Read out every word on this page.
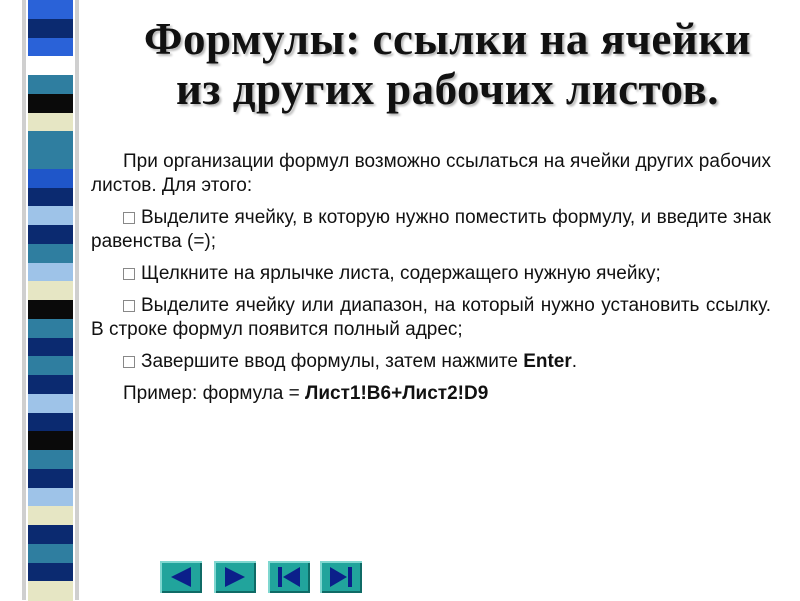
Формулы: ссылки на ячейки
из других рабочих листов.

При организации формул возможно ссылаться на ячейки других рабочих листов. Для этого:

Выделите ячейку, в которую нужно поместить формулу, и введите знак равенства (=);

Щелкните на ярлычке листа, содержащего нужную ячейку;

Выделите ячейку или диапазон, на который нужно установить ссылку. В строке формул появится полный адрес;

Завершите ввод формулы, затем нажмите Enter.

Пример: формула = Лист1!B6+Лист2!D9
